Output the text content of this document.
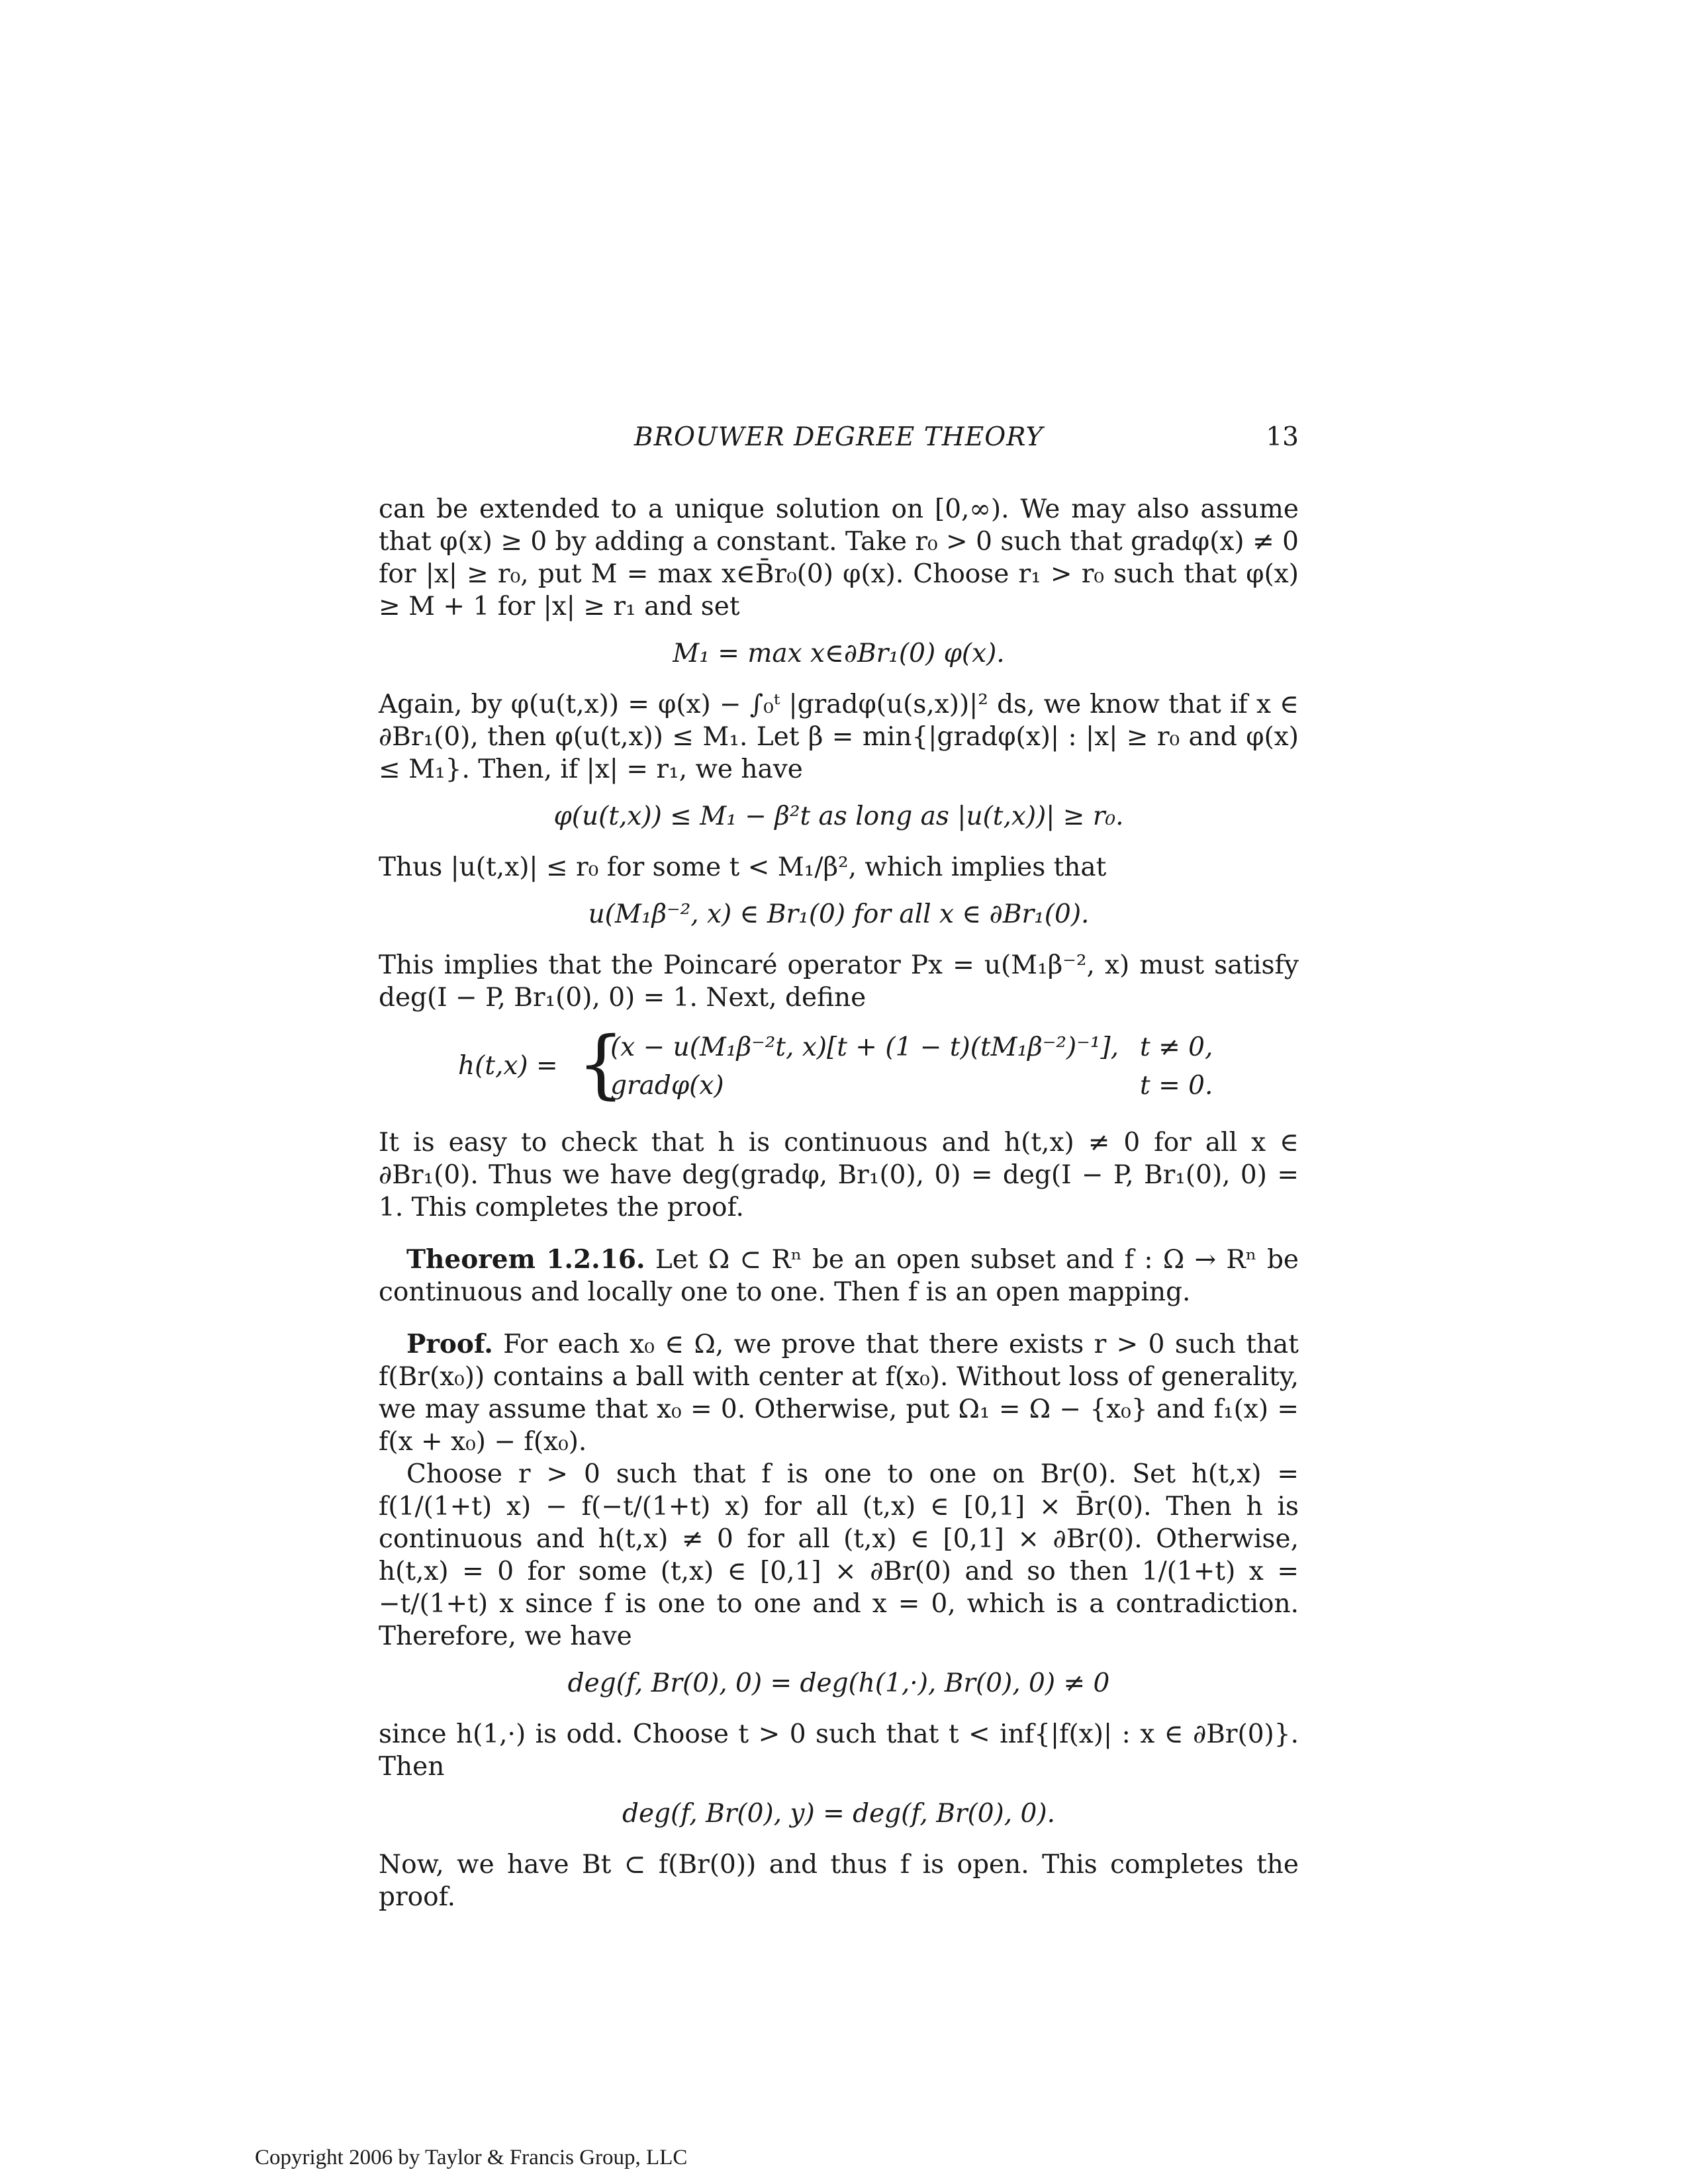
BROUWER DEGREE THEORY	13

can be extended to a unique solution on [0,∞). We may also assume that φ(x) ≥ 0 by adding a constant. Take r₀ > 0 such that gradφ(x) ≠ 0 for |x| ≥ r₀, put M = max x∈B̄r₀(0) φ(x). Choose r₁ > r₀ such that φ(x) ≥ M + 1 for |x| ≥ r₁ and set

M₁ = max x∈∂Br₁(0) φ(x).

Again, by φ(u(t,x)) = φ(x) − ∫₀ᵗ |gradφ(u(s,x))|² ds, we know that if x ∈ ∂Br₁(0), then φ(u(t,x)) ≤ M₁. Let β = min{|gradφ(x)| : |x| ≥ r₀ and φ(x) ≤ M₁}. Then, if |x| = r₁, we have

φ(u(t,x)) ≤ M₁ − β²t as long as |u(t,x))| ≥ r₀.

Thus |u(t,x)| ≤ r₀ for some t < M₁/β², which implies that

u(M₁β⁻², x) ∈ Br₁(0) for all x ∈ ∂Br₁(0).

This implies that the Poincaré operator Px = u(M₁β⁻², x) must satisfy deg(I − P, Br₁(0), 0) = 1. Next, define

h(t,x) = {
(x − u(M₁β⁻²t, x)[t + (1 − t)(tM₁β⁻²)⁻¹], t ≠ 0,
gradφ(x)	t = 0.

It is easy to check that h is continuous and h(t,x) ≠ 0 for all x ∈ ∂Br₁(0). Thus we have deg(gradφ, Br₁(0), 0) = deg(I − P, Br₁(0), 0) = 1. This completes the proof.

Theorem 1.2.16. Let Ω ⊂ Rⁿ be an open subset and f : Ω → Rⁿ be continuous and locally one to one. Then f is an open mapping.

Proof. For each x₀ ∈ Ω, we prove that there exists r > 0 such that f(Br(x₀)) contains a ball with center at f(x₀). Without loss of generality, we may assume that x₀ = 0. Otherwise, put Ω₁ = Ω − {x₀} and f₁(x) = f(x + x₀) − f(x₀).

Choose r > 0 such that f is one to one on Br(0). Set h(t,x) = f(1/(1+t) x) − f(−t/(1+t) x) for all (t,x) ∈ [0,1] × B̄r(0). Then h is continuous and h(t,x) ≠ 0 for all (t,x) ∈ [0,1] × ∂Br(0). Otherwise, h(t,x) = 0 for some (t,x) ∈ [0,1] × ∂Br(0) and so then 1/(1+t) x = −t/(1+t) x since f is one to one and x = 0, which is a contradiction. Therefore, we have

deg(f, Br(0), 0) = deg(h(1,·), Br(0), 0) ≠ 0

since h(1,·) is odd. Choose t > 0 such that t < inf{|f(x)| : x ∈ ∂Br(0)}. Then

deg(f, Br(0), y) = deg(f, Br(0), 0).

Now, we have Bt ⊂ f(Br(0)) and thus f is open. This completes the proof.

Copyright 2006 by Taylor & Francis Group, LLC
